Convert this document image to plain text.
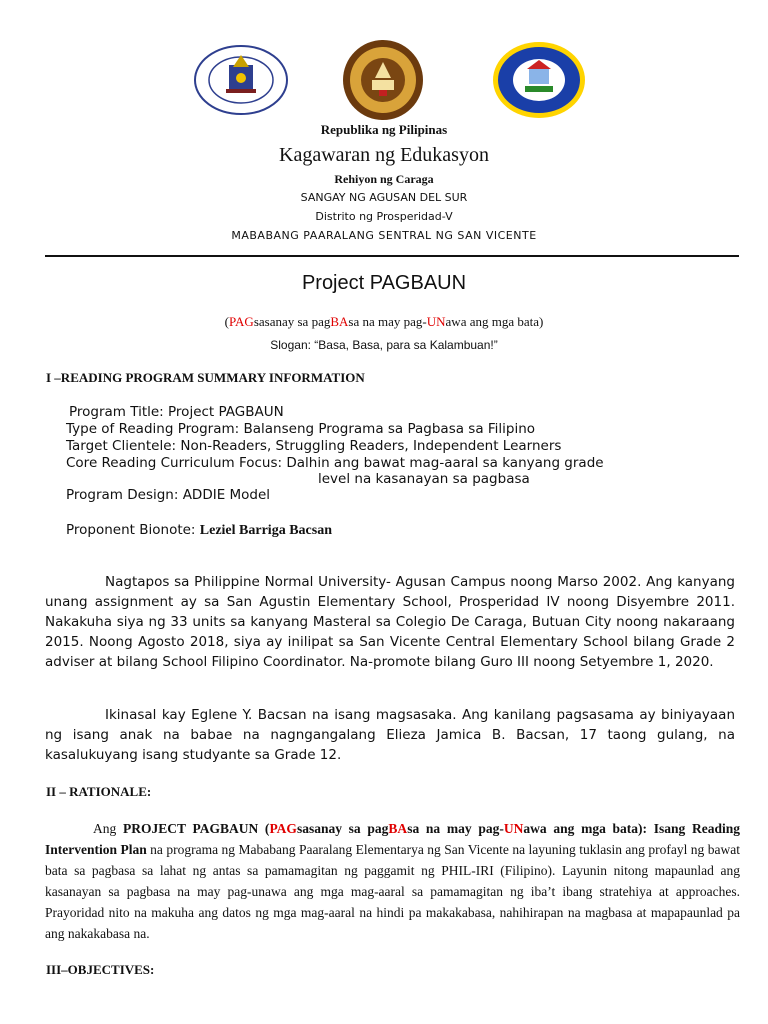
Republika ng Pilipinas
Kagawaran ng Edukasyon
Rehiyon ng Caraga
SANGAY NG AGUSAN DEL SUR
Distrito ng Prosperidad-V
MABABANG PAARALANG SENTRAL NG SAN VICENTE
Project PAGBAUN
(PAGsasanay sa pagBAsa na may pag-UNawa ang mga bata)
Slogan: “Basa, Basa, para sa Kalambuan!”
I –READING PROGRAM SUMMARY INFORMATION
Program Title: Project PAGBAUN
Type of Reading Program: Balanseng Programa sa Pagbasa sa Filipino
Target Clientele: Non-Readers, Struggling Readers, Independent Learners
Core Reading Curriculum Focus: Dalhin ang bawat mag-aaral sa kanyang grade
level na kasanayan sa pagbasa
Program Design: ADDIE Model
Proponent Bionote: Leziel Barriga Bacsan
Nagtapos sa Philippine Normal University- Agusan Campus noong Marso 2002. Ang kanyang unang assignment ay sa San Agustin Elementary School, Prosperidad IV noong Disyembre 2011. Nakakuha siya ng 33 units sa kanyang Masteral sa Colegio De Caraga, Butuan City noong nakaraang 2015. Noong Agosto 2018, siya ay inilipat sa San Vicente Central Elementary School bilang Grade 2 adviser at bilang School Filipino Coordinator. Na-promote bilang Guro III noong Setyembre 1, 2020.
Ikinasal kay Eglene Y. Bacsan na isang magsasaka. Ang kanilang pagsasama ay biniyayaan ng isang anak na babae na nagngangalang Elieza Jamica B. Bacsan, 17 taong gulang, na kasalukuyang isang studyante sa Grade 12.
II – RATIONALE:
Ang PROJECT PAGBAUN (PAGsasanay sa pagBAsa na may pag-UNawa ang mga bata): Isang Reading Intervention Plan na programa ng Mababang Paaralang Elementarya ng San Vicente na layuning tuklasin ang profayl ng bawat bata sa pagbasa sa lahat ng antas sa pamamagitan ng paggamit ng PHIL-IRI (Filipino). Layunin nitong mapaunlad ang kasanayan sa pagbasa na may pag-unawa ang mga mag-aaral sa pamamagitan ng iba’t ibang stratehiya at approaches. Prayoridad nito na makuha ang datos ng mga mag-aaral na hindi pa makakabasa, nahihirapan na magbasa at mapapaunlad pa ang nakakabasa na.
III–OBJECTIVES:
